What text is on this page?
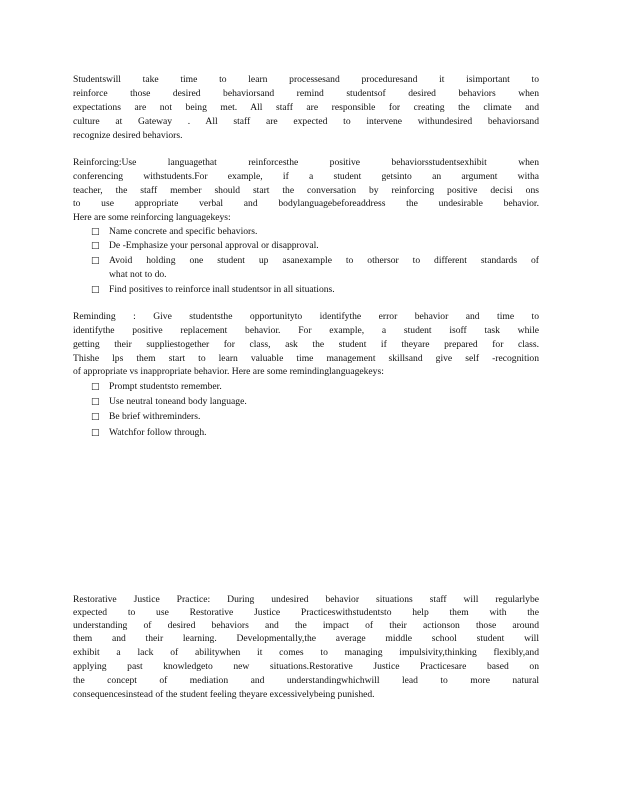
Studentswill take time to learn processesand proceduresand it isimportant to
reinforce those desired behaviorsand remind studentsof desired behaviors when
expectations are not being met. All staff are responsible for creating the climate and
culture at Gateway . All staff are expected to intervene withundesired behaviorsand
recognize desired behaviors.
Reinforcing:Use languagethat reinforcesthe positive behaviorsstudentsexhibit when
conferencing withstudents.For example, if a student getsinto an argument witha
teacher, the staff member should start the conversation by reinforcing positive decisi ons
to use appropriate verbal and bodylanguagebeforeaddress the undesirable behavior.
Here are some reinforcing languagekeys:
□ Name concrete and specific behaviors.
□ De -Emphasize your personal approval or disapproval.
□ Avoid holding one student up asanexample to othersor to different standards of
what not to do.
□ Find positives to reinforce inall studentsor in all situations.
Reminding : Give studentsthe opportunityto identifythe error behavior and time to
identifythe positive replacement behavior. For example, a student isoff task while
getting their suppliestogether for class, ask the student if theyare prepared for class.
Thishe lps them start to learn valuable time management skillsand give self -recognition
of appropriate vs inappropriate behavior. Here are some remindinglanguagekeys:
□ Prompt studentsto remember.
□ Use neutral toneand body language.
□ Be brief withreminders.
□ Watchfor follow through.
Restorative Justice Practice: During undesired behavior situations staff will regularlybe
expected to use Restorative Justice Practiceswithstudentsto help them with the
understanding of desired behaviors and the impact of their actionson those around
them and their learning. Developmentally,the average middle school student will
exhibit a lack of abilitywhen it comes to managing impulsivity,thinking flexibly,and
applying past knowledgeto new situations.Restorative Justice Practicesare based on
the concept of mediation and understandingwhichwill lead to more natural
consequencesinstead of the student feeling theyare excessivelybeing punished.
